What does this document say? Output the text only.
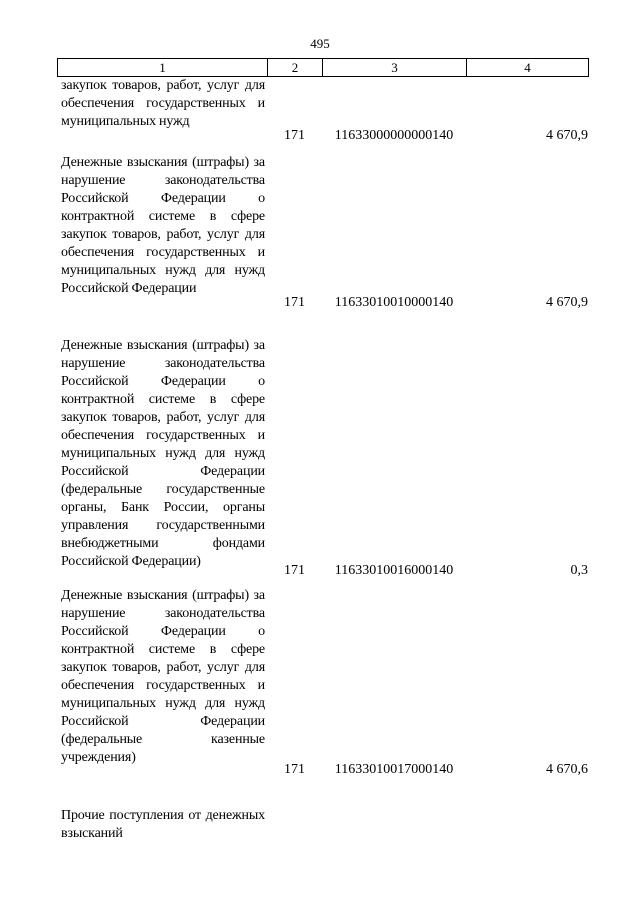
495
1	2	3	4
закупок товаров, работ, услуг для обеспечения государственных и муниципальных нужд
171	11633000000000140	4 670,9
Денежные взыскания (штрафы) за нарушение законодательства Российской Федерации о контрактной системе в сфере закупок товаров, работ, услуг для обеспечения государственных и муниципальных нужд для нужд Российской Федерации
171	11633010010000140	4 670,9
Денежные взыскания (штрафы) за нарушение законодательства Российской Федерации о контрактной системе в сфере закупок товаров, работ, услуг для обеспечения государственных и муниципальных нужд для нужд Российской Федерации (федеральные государственные органы, Банк России, органы управления государственными внебюджетными фондами Российской Федерации)
171	11633010016000140	0,3
Денежные взыскания (штрафы) за нарушение законодательства Российской Федерации о контрактной системе в сфере закупок товаров, работ, услуг для обеспечения государственных и муниципальных нужд для нужд Российской Федерации (федеральные казенные учреждения)
171	11633010017000140	4 670,6
Прочие поступления от денежных взысканий
